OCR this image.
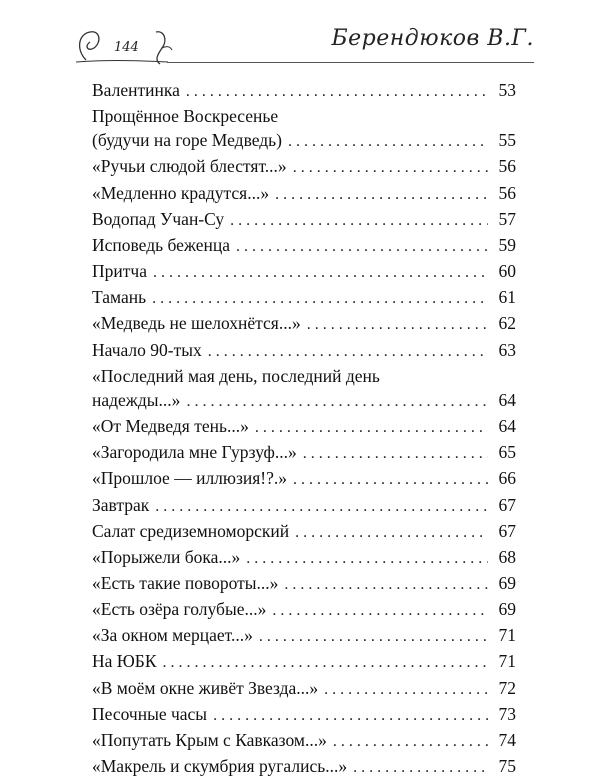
144	Берендюков В.Г.
Валентинка . . .	53
Прощённое Воскресенье
(будучи на горе Медведь) . . .	55
«Ручьи слюдой блестят...» . . .	56
«Медленно крадутся...» . . .	56
Водопад Учан-Су . . .	57
Исповедь беженца . . .	59
Притча . . .	60
Тамань . . .	61
«Медведь не шелохнётся...» . . .	62
Начало 90-тых . . .	63
«Последний мая день, последний день
надежды...» . . .	64
«От Медведя тень...» . . .	64
«Загородила мне Гурзуф...» . . .	65
«Прошлое — иллюзия!?.» . . .	66
Завтрак . . .	67
Салат средиземноморский . . .	67
«Порыжели бока...» . . .	68
«Есть такие повороты...» . . .	69
«Есть озёра голубые...» . . .	69
«За окном мерцает...» . . .	71
На ЮБК . . .	71
«В моём окне живёт Звезда...» . . .	72
Песочные часы . . .	73
«Попутать Крым с Кавказом...» . . .	74
«Макрель и скумбрия ругались...» . . .	75
